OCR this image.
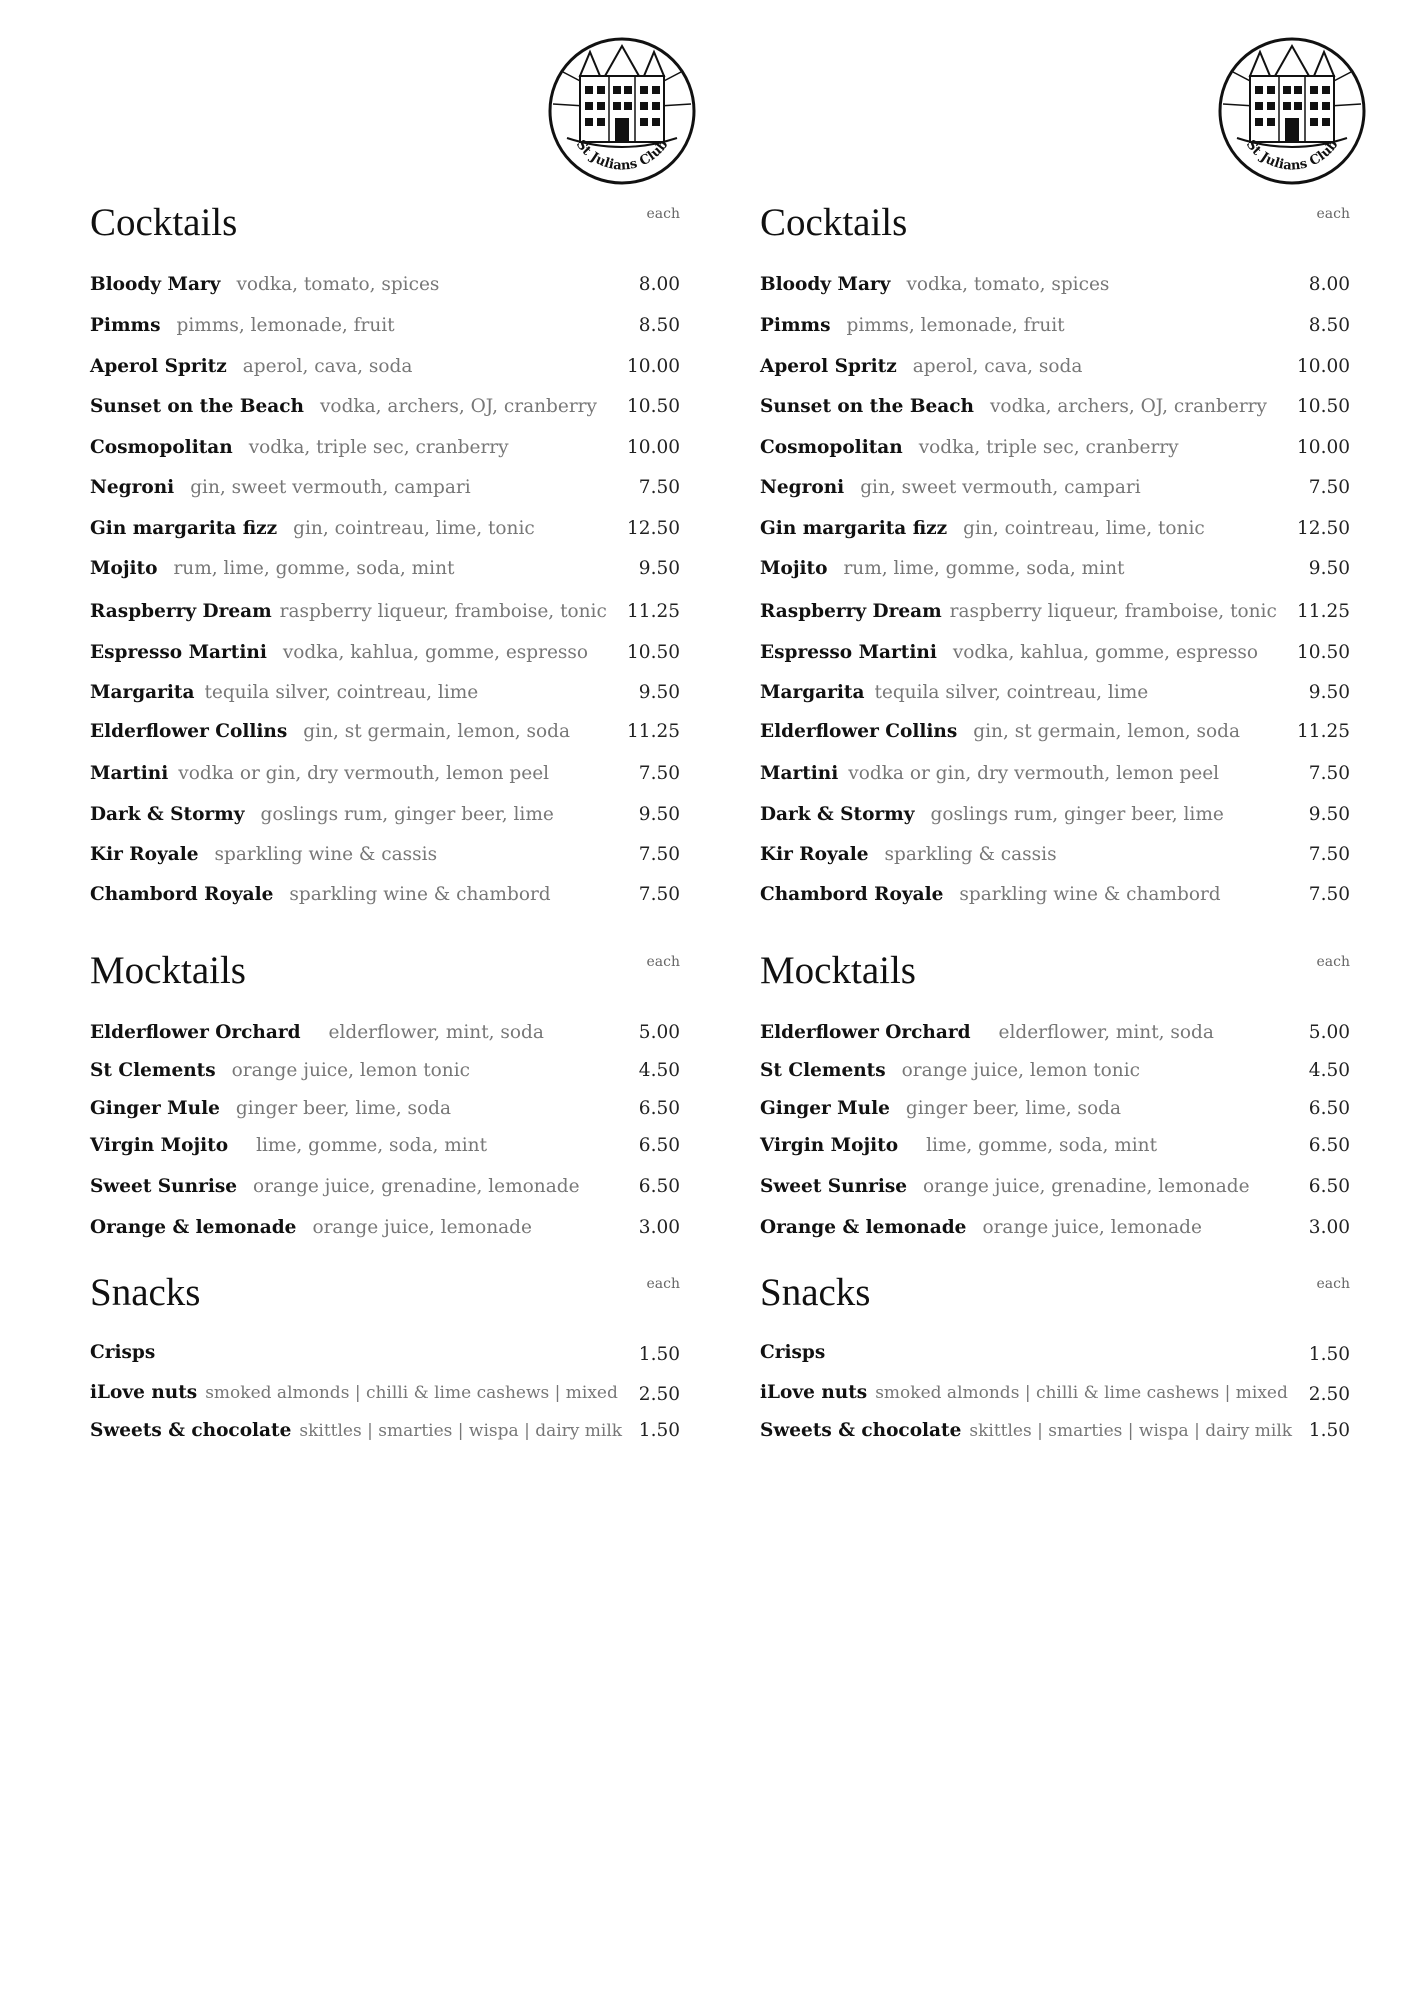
St Julians Club
Cocktails	each
Bloody Mary vodka, tomato, spices	8.00
Pimms pimms, lemonade, fruit	8.50
Aperol Spritz aperol, cava, soda	10.00
Sunset on the Beach vodka, archers, OJ, cranberry 10.50
Cosmopolitan vodka, triple sec, cranberry	10.00
Negroni gin, sweet vermouth, campari	7.50
Gin margarita fizz gin, cointreau, lime, tonic	12.50
Mojito rum, lime, gomme, soda, mint	9.50
Raspberry Dream raspberry liqueur, framboise, tonic 11.25
Espresso Martini vodka, kahlua, gomme, espresso 10.50
Margarita tequila silver, cointreau, lime	9.50
Elderflower Collins gin, st germain, lemon, soda	11.25
Martini vodka or gin, dry vermouth, lemon peel	7.50
Dark & Stormy goslings rum, ginger beer, lime	9.50
Kir Royale sparkling wine & cassis	7.50
Chambord Royale sparkling wine & chambord	7.50
Mocktails	each
Elderflower Orchard elderflower, mint, soda	5.00
St Clements orange juice, lemon tonic	4.50
Ginger Mule ginger beer, lime, soda	6.50
Virgin Mojito lime, gomme, soda, mint	6.50
Sweet Sunrise orange juice, grenadine, lemonade	6.50
Orange & lemonade orange juice, lemonade	3.00
Snacks	each
Crisps	1.50
iLove nuts smoked almonds | chilli & lime cashews | mixed 2.50
Sweets & chocolate skittles | smarties | wispa | dairy milk 1.50
St Julians Club
Cocktails	each
Bloody Mary vodka, tomato, spices	8.00
Pimms pimms, lemonade, fruit	8.50
Aperol Spritz aperol, cava, soda	10.00
Sunset on the Beach vodka, archers, OJ, cranberry 10.50
Cosmopolitan vodka, triple sec, cranberry	10.00
Negroni gin, sweet vermouth, campari	7.50
Gin margarita fizz gin, cointreau, lime, tonic	12.50
Mojito rum, lime, gomme, soda, mint	9.50
Raspberry Dream raspberry liqueur, framboise, tonic 11.25
Espresso Martini vodka, kahlua, gomme, espresso 10.50
Margarita tequila silver, cointreau, lime	9.50
Elderflower Collins gin, st germain, lemon, soda	11.25
Martini vodka or gin, dry vermouth, lemon peel	7.50
Dark & Stormy goslings rum, ginger beer, lime	9.50
Kir Royale sparkling & cassis	7.50
Chambord Royale sparkling wine & chambord	7.50
Mocktails	each
Elderflower Orchard elderflower, mint, soda	5.00
St Clements orange juice, lemon tonic	4.50
Ginger Mule ginger beer, lime, soda	6.50
Virgin Mojito lime, gomme, soda, mint	6.50
Sweet Sunrise orange juice, grenadine, lemonade	6.50
Orange & lemonade orange juice, lemonade	3.00
Snacks	each
Crisps	1.50
iLove nuts smoked almonds | chilli & lime cashews | mixed 2.50
Sweets & chocolate skittles | smarties | wispa | dairy milk 1.50
